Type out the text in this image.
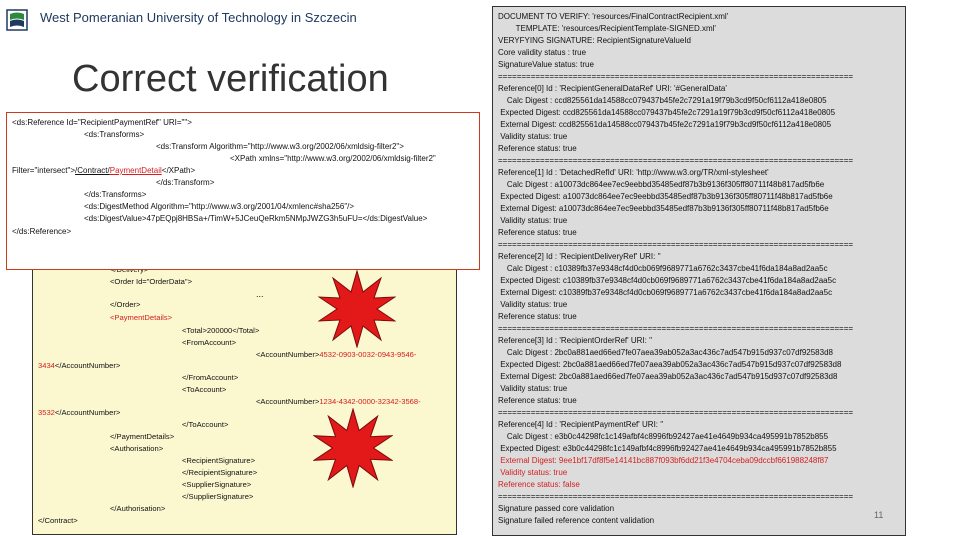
West Pomeranian University of Technology in Szczecin
Correct verification
<Order Id="OrderData">
...
</Order>
<PaymentDetails>
<Total>200000</Total>
<FromAccount>
<AccountNumber>4532-0903-0032-0943-9546-
3434</AccountNumber>
</FromAccount>
<ToAccount>
<AccountNumber>1234-4342-0000-32342-3568-
3532</AccountNumber>
</ToAccount>
</PaymentDetails>
<Authorisation>
<RecipientSignature>
</RecipientSignature>
<SupplierSignature>
</SupplierSignature>
</Authorisation>
</Contract>
<ds:Reference Id="RecipientPaymentRef" URI="">
<ds:Transforms>
<ds:Transform Algorithm="http://www.w3.org/2002/06/xmldsig-filter2">
<XPath xmlns="http://www.w3.org/2002/06/xmldsig-filter2"
Filter="intersect">/Contract/PaymentDetail</XPath>
</ds:Transform>
</ds:Transforms>
<ds:DigestMethod Algorithm="http://www.w3.org/2001/04/xmlenc#sha256"/>
<ds:DigestValue>47pEQpj8HBSa+/TimW+5JCeuQeRkm5NMpJWZG3h5uFU=</ds:DigestValue>
</ds:Reference>
DOCUMENT TO VERIFY: 'resources/FinalContractRecipient.xml'
TEMPLATE: 'resources/RecipientTemplate-SIGNED.xml'
VERYFYING SIGNATURE: RecipientSignatureValueId
Core validity status : true
SignatureValue status: true
============================================================================
Reference[0] Id : 'RecipientGeneralDataRef' URI: '#GeneralData'
Calc Digest : ccd825561da14588cc079437b45fe2c7291a19f79b3cd9f50cf6112a418e0805
Expected Digest: ccd825561da14588cc079437b45fe2c7291a19f79b3cd9f50cf6112a418e0805
External Digest: ccd825561da14588cc079437b45fe2c7291a19f79b3cd9f50cf6112a418e0805
Validity status: true
Reference status: true
============================================================================
Reference[1] Id : 'DetachedRefId' URI: 'http://www.w3.org/TR/xml-stylesheet'
Calc Digest : a10073dc864ee7ec9eebbd35485edf87b3b9136f305ff80711f48b817ad5fb6e
Expected Digest: a10073dc864ee7ec9eebbd35485edf87b3b9136f305ff80711f48b817ad5fb6e
External Digest: a10073dc864ee7ec9eebbd35485edf87b3b9136f305ff80711f48b817ad5fb6e
Validity status: true
Reference status: true
============================================================================
Reference[2] Id : 'RecipientDeliveryRef' URI: ''
Calc Digest : c10389fb37e9348cf4d0cb069f9689771a6762c3437cbe41f6da184a8ad2aa5c
Expected Digest: c10389fb37e9348cf4d0cb069f9689771a6762c3437cbe41f6da184a8ad2aa5c
External Digest: c10389fb37e9348cf4d0cb069f9689771a6762c3437cbe41f6da184a8ad2aa5c
Validity status: true
Reference status: true
============================================================================
Reference[3] Id : 'RecipientOrderRef' URI: ''
Calc Digest : 2bc0a881aed66ed7fe07aea39ab052a3ac436c7ad547b915d937c07df92583d8
Expected Digest: 2bc0a881aed66ed7fe07aea39ab052a3ac436c7ad547b915d937c07df92583d8
External Digest: 2bc0a881aed66ed7fe07aea39ab052a3ac436c7ad547b915d937c07df92583d8
Validity status: true
Reference status: true
============================================================================
Reference[4] Id : 'RecipientPaymentRef' URI: ''
Calc Digest : e3b0c44298fc1c149afbf4c8996fb92427ae41e4649b934ca495991b7852b855
Expected Digest: e3b0c44298fc1c149afbf4c8996fb92427ae41e4649b934ca495991b7852b855
External Digest: 9ee1bf17df8f5e14141bc887f093bf6dd21f3e4704ceba09dccbf661988248f87
Validity status: true
Reference status: false
============================================================================
Signature passed core validation
Signature failed reference content validation
11
